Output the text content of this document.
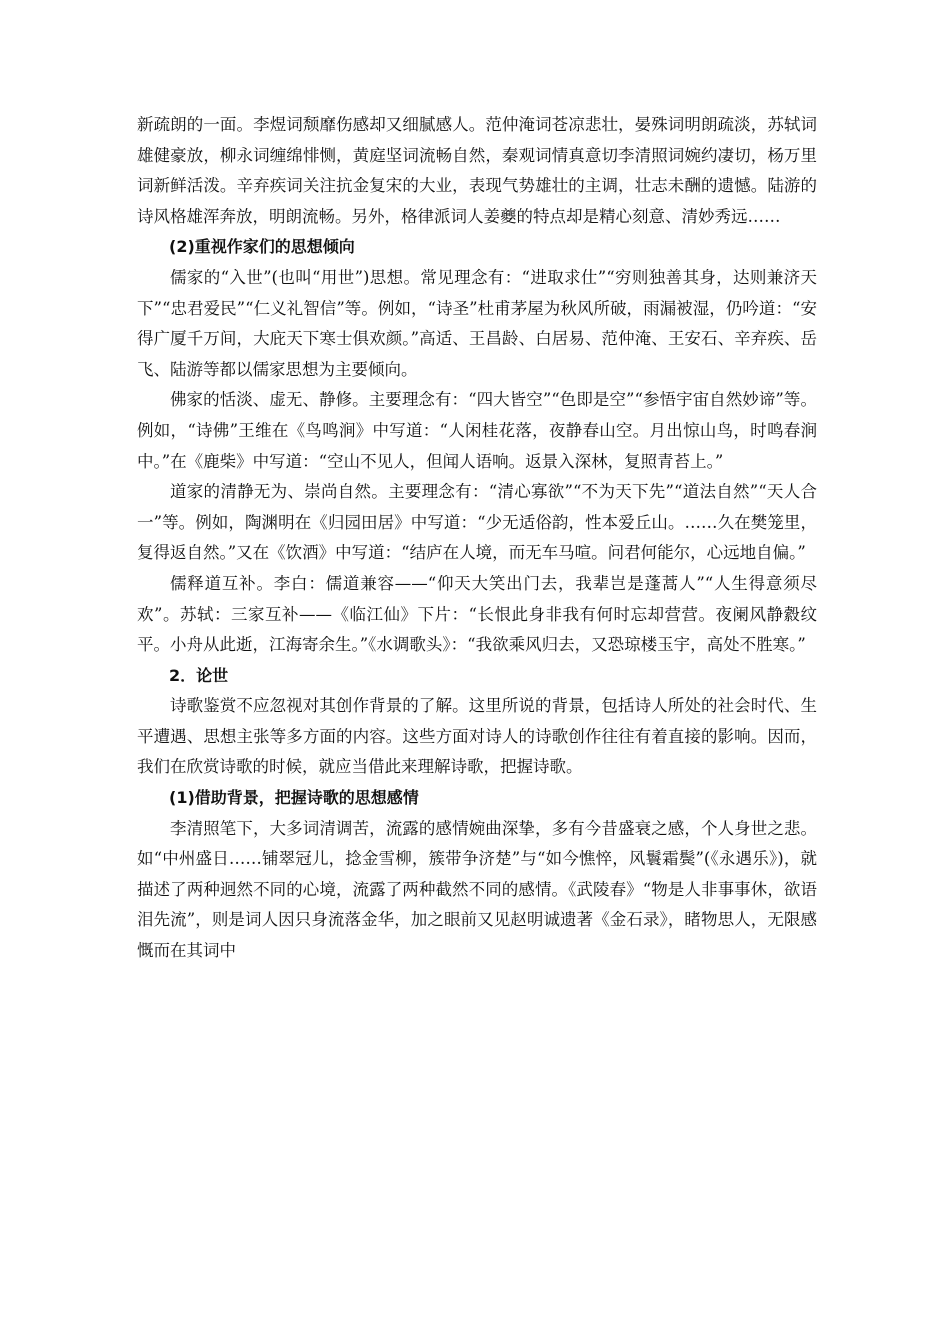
新疏朗的一面。李煜词颓靡伤感却又细腻感人。范仲淹词苍凉悲壮，晏殊词明朗疏淡，苏轼词雄健豪放，柳永词缠绵悱恻，黄庭坚词流畅自然，秦观词情真意切李清照词婉约凄切，杨万里词新鲜活泼。辛弃疾词关注抗金复宋的大业，表现气势雄壮的主调，壮志未酬的遗憾。陆游的诗风格雄浑奔放，明朗流畅。另外，格律派词人姜夔的特点却是精心刻意、清妙秀远……

(2)重视作家们的思想倾向

儒家的“入世”(也叫“用世”)思想。常见理念有：“进取求仕”“穷则独善其身，达则兼济天下”“忠君爱民”“仁义礼智信”等。例如，“诗圣”杜甫茅屋为秋风所破，雨漏被湿，仍吟道：“安得广厦千万间，大庇天下寒士俱欢颜。”高适、王昌龄、白居易、范仲淹、王安石、辛弃疾、岳飞、陆游等都以儒家思想为主要倾向。

佛家的恬淡、虚无、静修。主要理念有：“四大皆空”“色即是空”“参悟宇宙自然妙谛”等。例如，“诗佛”王维在《鸟鸣涧》中写道：“人闲桂花落，夜静春山空。月出惊山鸟，时鸣春涧中。”在《鹿柴》中写道：“空山不见人，但闻人语响。返景入深林，复照青苔上。”

道家的清静无为、崇尚自然。主要理念有：“清心寡欲”“不为天下先”“道法自然”“天人合一”等。例如，陶渊明在《归园田居》中写道：“少无适俗韵，性本爱丘山。……久在樊笼里，复得返自然。”又在《饮酒》中写道：“结庐在人境，而无车马喧。问君何能尔，心远地自偏。”

儒释道互补。李白：儒道兼容——“仰天大笑出门去，我辈岂是蓬蒿人”“人生得意须尽欢”。苏轼：三家互补——《临江仙》下片：“长恨此身非我有何时忘却营营。夜阑风静縠纹平。小舟从此逝，江海寄余生。”《水调歌头》：“我欲乘风归去，又恐琼楼玉宇，高处不胜寒。”

2．论世

诗歌鉴赏不应忽视对其创作背景的了解。这里所说的背景，包括诗人所处的社会时代、生平遭遇、思想主张等多方面的内容。这些方面对诗人的诗歌创作往往有着直接的影响。因而，我们在欣赏诗歌的时候，就应当借此来理解诗歌，把握诗歌。

(1)借助背景，把握诗歌的思想感情

李清照笔下，大多词清调苦，流露的感情婉曲深挚，多有今昔盛衰之感，个人身世之悲。如“中州盛日……铺翠冠儿，捻金雪柳，簇带争济楚”与“如今憔悴，风鬟霜鬓”(《永遇乐》)，就描述了两种迥然不同的心境，流露了两种截然不同的感情。《武陵春》“物是人非事事休，欲语泪先流”，则是词人因只身流落金华，加之眼前又见赵明诚遗著《金石录》，睹物思人，无限感慨而在其词中
